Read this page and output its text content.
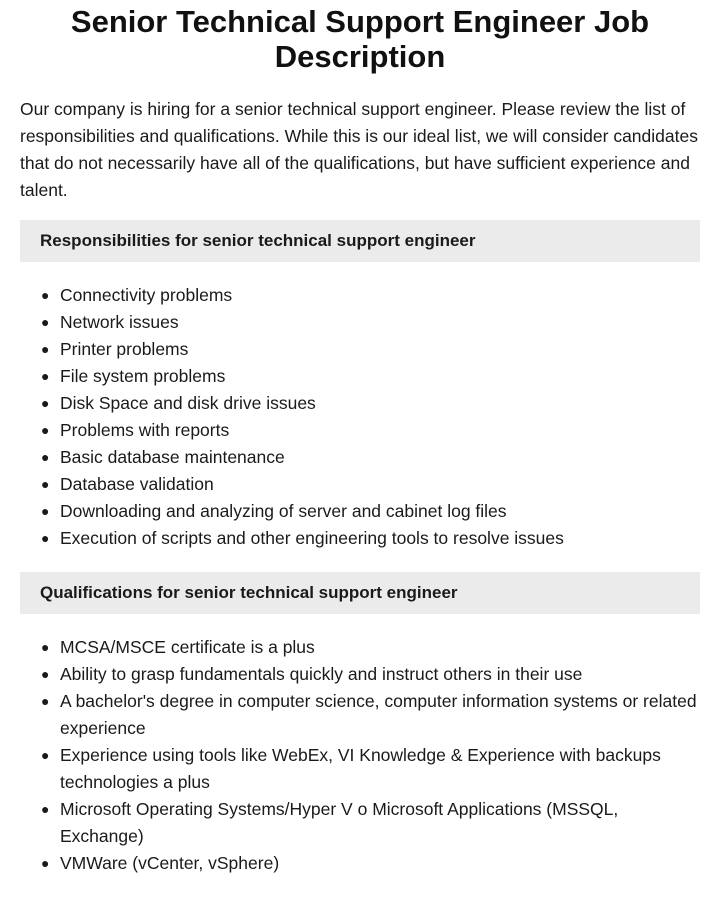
Senior Technical Support Engineer Job Description

Our company is hiring for a senior technical support engineer. Please review the list of responsibilities and qualifications. While this is our ideal list, we will consider candidates that do not necessarily have all of the qualifications, but have sufficient experience and talent.

Responsibilities for senior technical support engineer
● Connectivity problems
● Network issues
● Printer problems
● File system problems
● Disk Space and disk drive issues
● Problems with reports
● Basic database maintenance
● Database validation
● Downloading and analyzing of server and cabinet log files
● Execution of scripts and other engineering tools to resolve issues
Qualifications for senior technical support engineer
● MCSA/MSCE certificate is a plus
● Ability to grasp fundamentals quickly and instruct others in their use
● A bachelor's degree in computer science, computer information systems or related experience
● Experience using tools like WebEx, VI Knowledge & Experience with backups technologies a plus
● Microsoft Operating Systems/Hyper V o Microsoft Applications (MSSQL, Exchange)
● VMWare (vCenter, vSphere)
